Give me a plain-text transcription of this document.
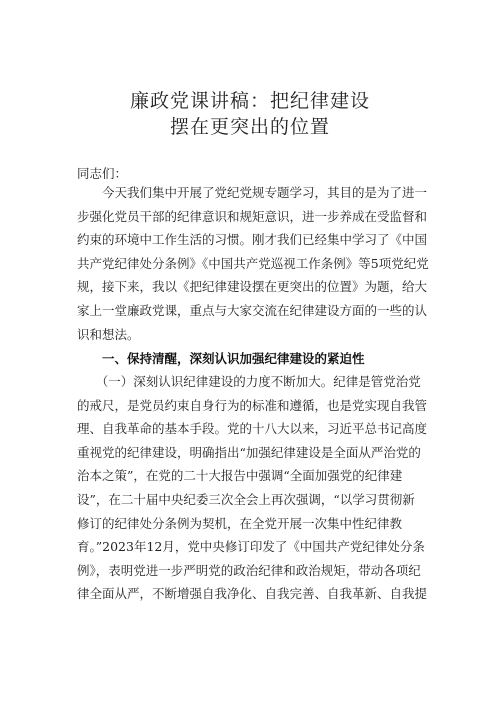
廉政党课讲稿：把纪律建设
摆在更突出的位置
同志们：
　　今天我们集中开展了党纪党规专题学习，其目的是为了进一
步强化党员干部的纪律意识和规矩意识，进一步养成在受监督和
约束的环境中工作生活的习惯。刚才我们已经集中学习了《中国
共产党纪律处分条例》《中国共产党巡视工作条例》等5项党纪党
规，接下来，我以《把纪律建设摆在更突出的位置》为题，给大
家上一堂廉政党课，重点与大家交流在纪律建设方面的一些的认
识和想法。
一、保持清醒，深刻认识加强纪律建设的紧迫性
　　（一）深刻认识纪律建设的力度不断加大。纪律是管党治党
的戒尺，是党员约束自身行为的标准和遵循，也是党实现自我管
理、自我革命的基本手段。党的十八大以来，习近平总书记高度
重视党的纪律建设，明确指出“加强纪律建设是全面从严治党的
治本之策”，在党的二十大报告中强调“全面加强党的纪律建
设”，在二十届中央纪委三次全会上再次强调，“以学习贯彻新
修订的纪律处分条例为契机，在全党开展一次集中性纪律教
育。”2023年12月，党中央修订印发了《中国共产党纪律处分条
例》，表明党进一步严明党的政治纪律和政治规矩，带动各项纪
律全面从严，不断增强自我净化、自我完善、自我革新、自我提
